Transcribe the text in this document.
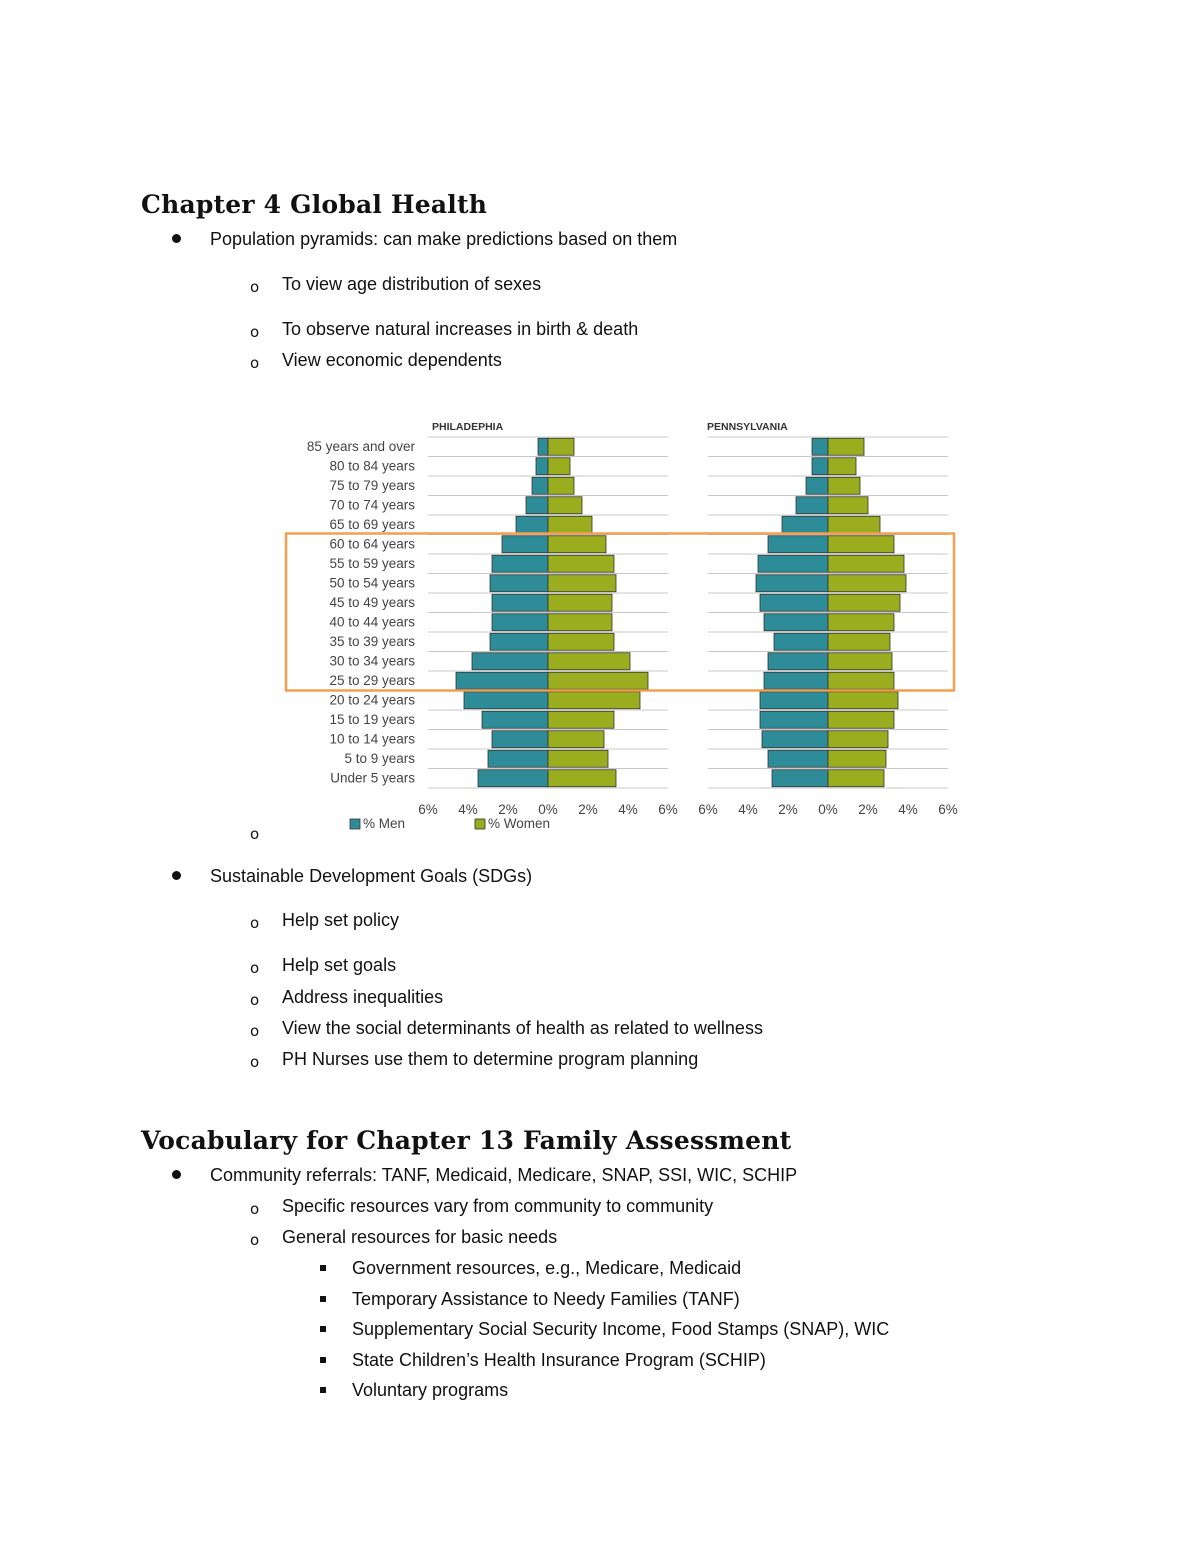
Chapter 4 Global Health
Population pyramids: can make predictions based on them
o To view age distribution of sexes
o To observe natural increases in birth & death
o View economic dependents
85 years and over
80 to 84 years
75 to 79 years
70 to 74 years
65 to 69 years
60 to 64 years
55 to 59 years
50 to 54 years
45 to 49 years
40 to 44 years
35 to 39 years
30 to 34 years
25 to 29 years
20 to 24 years
15 to 19 years
10 to 14 years
5 to 9 years
Under 5 years
PHILADEPHIA
6% 4% 2% 0% 2% 4% 6%
PENNSYLVANIA
6% 4% 2% 0% 2% 4% 6%
% Men	% Women
o
Sustainable Development Goals (SDGs)
o Help set policy
o Help set goals
o Address inequalities
o View the social determinants of health as related to wellness
o PH Nurses use them to determine program planning
Vocabulary for Chapter 13 Family Assessment
Community referrals: TANF, Medicaid, Medicare, SNAP, SSI, WIC, SCHIP
o Specific resources vary from community to community
o General resources for basic needs
Government resources, e.g., Medicare, Medicaid
Temporary Assistance to Needy Families (TANF)
Supplementary Social Security Income, Food Stamps (SNAP), WIC
State Children’s Health Insurance Program (SCHIP)
Voluntary programs
